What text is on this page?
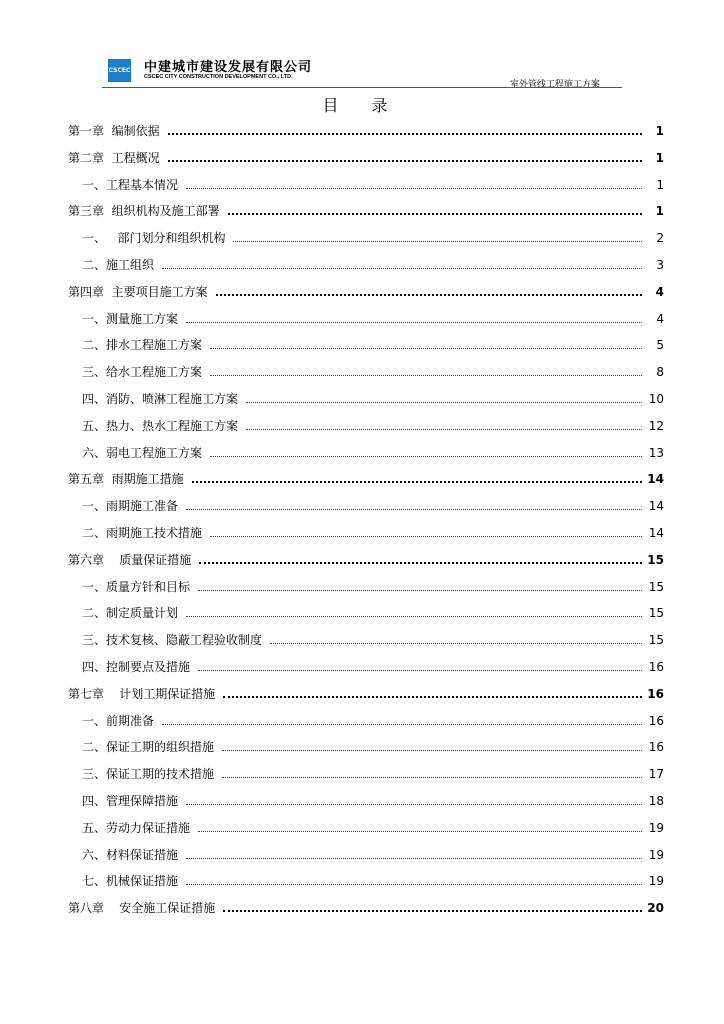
CSCEC 中建城市建设发展有限公司
CSCEC CITY CONSTRUCTION DEVELOPMENT CO., LTD.
室外管线工程施工方案
目 录
第一章  编制依据	1
第二章  工程概况	1
一、工程基本情况	1
第三章  组织机构及施工部署	1
一、   部门划分和组织机构	2
二、施工组织	3
第四章  主要项目施工方案	4
一、测量施工方案	4
二、排水工程施工方案	5
三、给水工程施工方案	8
四、消防、喷淋工程施工方案	10
五、热力、热水工程施工方案	12
六、弱电工程施工方案	13
第五章  雨期施工措施	14
一、雨期施工准备	14
二、雨期施工技术措施	14
第六章    质量保证措施	15
一、质量方针和目标	15
二、制定质量计划	15
三、技术复核、隐蔽工程验收制度	15
四、控制要点及措施	16
第七章    计划工期保证措施	16
一、前期准备	16
二、保证工期的组织措施	16
三、保证工期的技术措施	17
四、管理保障措施	18
五、劳动力保证措施	19
六、材料保证措施	19
七、机械保证措施	19
第八章    安全施工保证措施	20
